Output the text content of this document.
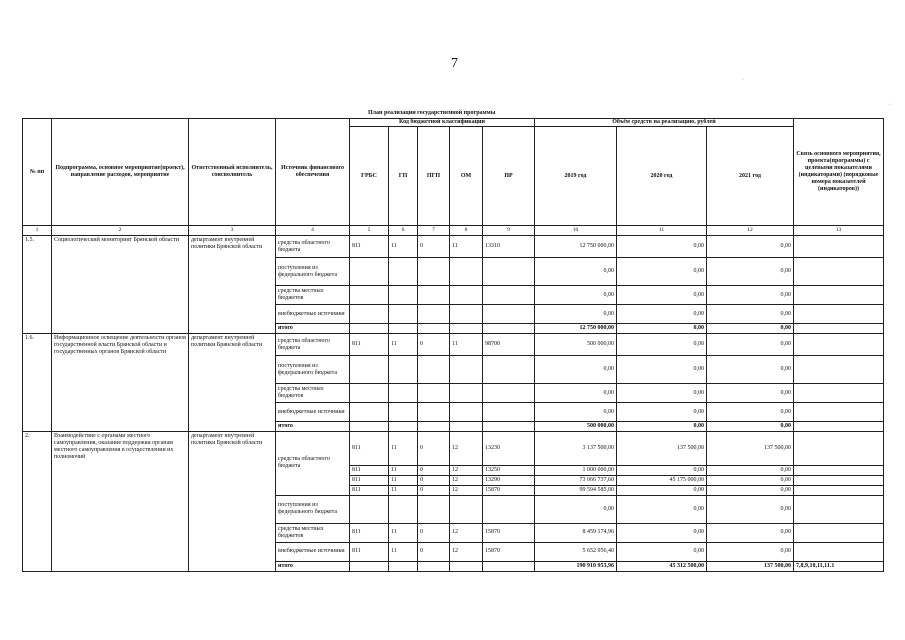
7
План реализации государственной программы
№ пп	Подпрограмма, основное мероприятие(проект), направление расходов, мероприятие	Ответственный исполнитель, соисполнитель	Источник финансового обеспечения	Код бюджетной классификации					Объём средств на реализацию, рублей			Связь основного мероприятия, проекта(программы) с целевыми показателями (индикаторами) (порядковые номера показателей (индикаторов))
				ГРБС	ГП	ПГП	ОМ	НР	2019 год	2020 год	2021 год	
1	2	3	4	5	6	7	8	9	10	11	12	13
1.5.	Социологический мониторинг Брянской области	департамент внутренней политики Брянской области	средства областного бюджета	811	11	0	11	13310	12 750 000,00	0,00	0,00	
			поступления из федерального бюджета						0,00	0,00	0,00	
			средства местных бюджетов						0,00	0,00	0,00	
			внебюджетные источники						0,00	0,00	0,00	
			итого						12 750 000,00	0,00	0,00	
1.6.	Информационное освещение деятельности органов государственной власти Брянской области и государственных органов Брянской области	департамент внутренней политики Брянской области	средства областного бюджета	811	11	0	11	98700	500 000,00	0,00	0,00	
			поступления из федерального бюджета						0,00	0,00	0,00	
			средства местных бюджетов						0,00	0,00	0,00	
			внебюджетные источники						0,00	0,00	0,00	
			итого						500 000,00	0,00	0,00	
2.	Взаимодействие с органами местного самоуправления, оказание поддержки органам местного самоуправления в осуществлении их полномочий	департамент внутренней политики Брянской области	средства областного бюджета	811	11	0	12	13230	3 137 500,00	137 500,00	137 500,00	
				811	11	0	12	13250	1 000 000,00	0,00	0,00	
				811	11	0	12	13290	73 066 737,60	45 175 000,00	0,00	
				811	11	0	12	15870	99 594 585,00	0,00	0,00	
			поступления из федерального бюджета						0,00	0,00	0,00	
			средства местных бюджетов	811	11	0	12	15870	8 459 174,96	0,00	0,00	
			внебюджетные источники	811	11	0	12	15870	5 652 956,40	0,00	0,00	
			итого						190 910 953,96	45 312 500,00	137 500,00	7,8,9,10,11,11.1
·
·
